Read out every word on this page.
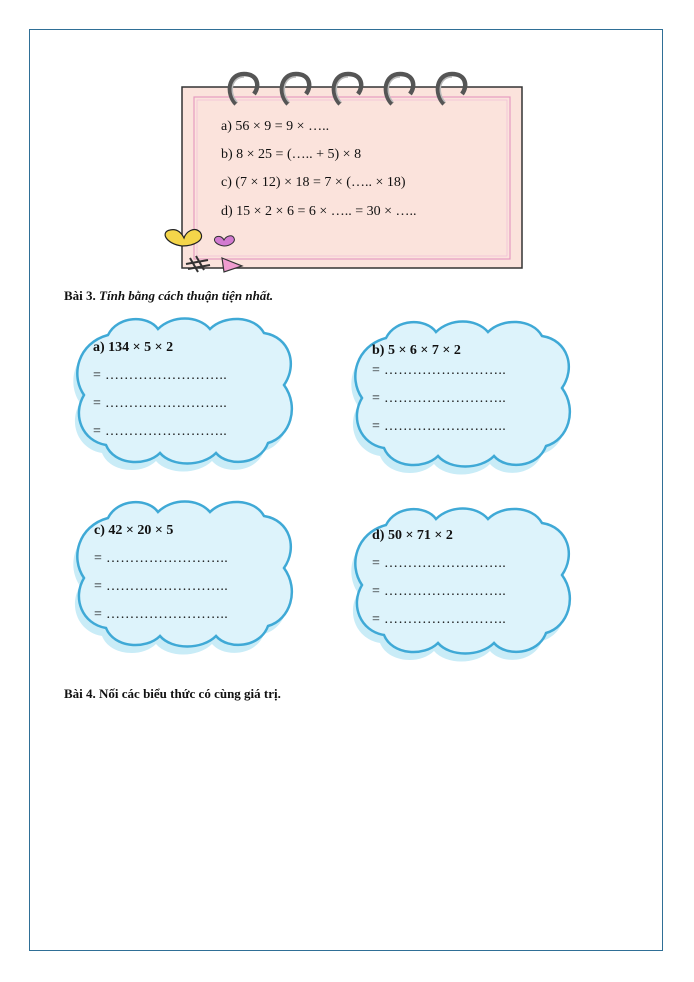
a) 56 × 9 = 9 × …..
b) 8 × 25 = (….. + 5) × 8
c) (7 × 12) × 18 = 7 × (….. × 18)
d) 15 × 2 × 6 = 6 × ….. = 30 × …..
Bài 3. Tính bằng cách thuận tiện nhất.
a) 134 × 5 × 2
= ……………………..
= ……………………..
= ……………………..
b) 5 × 6 × 7 × 2
= ……………………..
= ……………………..
= ……………………..
c) 42 × 20 × 5
= ……………………..
= ……………………..
= ……………………..
d) 50 × 71 × 2
= ……………………..
= ……………………..
= ……………………..
Bài 4. Nối các biểu thức có cùng giá trị.
